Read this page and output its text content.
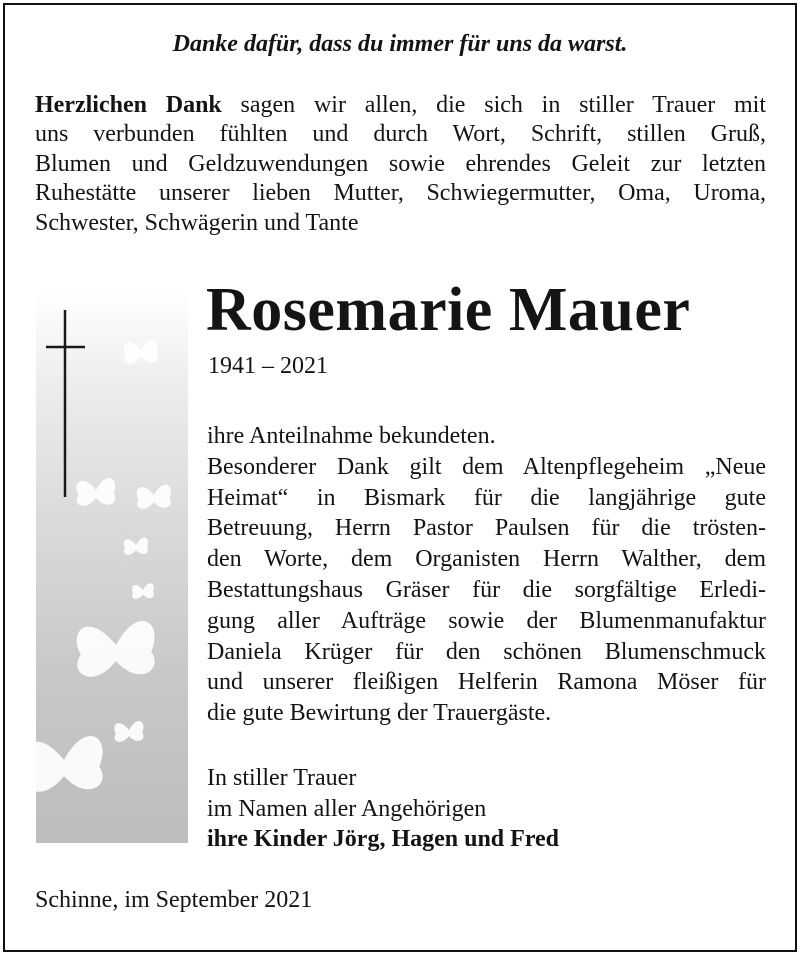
Danke dafür, dass du immer für uns da warst.
Herzlichen Dank sagen wir allen, die sich in stiller Trauer mit
uns verbunden fühlten und durch Wort, Schrift, stillen Gruß,
Blumen und Geldzuwendungen sowie ehrendes Geleit zur letzten
Ruhestätte unserer lieben Mutter, Schwiegermutter, Oma, Uroma,
Schwester, Schwägerin und Tante
Rosemarie Mauer
1941 – 2021
ihre Anteilnahme bekundeten.
Besonderer Dank gilt dem Altenpflegeheim „Neue
Heimat“ in Bismark für die langjährige gute
Betreuung, Herrn Pastor Paulsen für die trösten-
den Worte, dem Organisten Herrn Walther, dem
Bestattungshaus Gräser für die sorgfältige Erledi-
gung aller Aufträge sowie der Blumenmanufaktur
Daniela Krüger für den schönen Blumenschmuck
und unserer fleißigen Helferin Ramona Möser für
die gute Bewirtung der Trauergäste.
In stiller Trauer
im Namen aller Angehörigen
ihre Kinder Jörg, Hagen und Fred
Schinne, im September 2021
